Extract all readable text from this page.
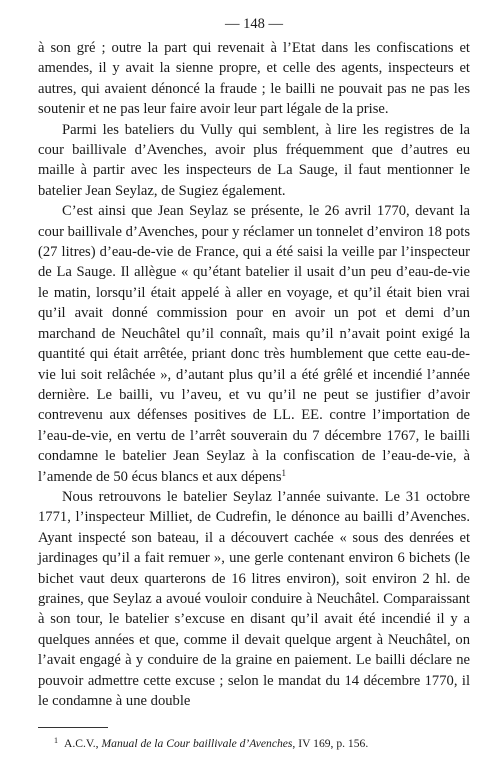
— 148 —

à son gré ; outre la part qui revenait à l’Etat dans les confiscations et amendes, il y avait la sienne propre, et celle des agents, inspecteurs et autres, qui avaient dénoncé la fraude ; le bailli ne pouvait pas ne pas les soutenir et ne pas leur faire avoir leur part légale de la prise.

Parmi les bateliers du Vully qui semblent, à lire les registres de la cour baillivale d’Avenches, avoir plus fréquemment que d’autres eu maille à partir avec les inspecteurs de La Sauge, il faut mentionner le batelier Jean Seylaz, de Sugiez également.

C’est ainsi que Jean Seylaz se présente, le 26 avril 1770, devant la cour baillivale d’Avenches, pour y réclamer un tonnelet d’environ 18 pots (27 litres) d’eau-de-vie de France, qui a été saisi la veille par l’inspecteur de La Sauge. Il allègue « qu’étant batelier il usait d’un peu d’eau-de-vie le matin, lorsqu’il était appelé à aller en voyage, et qu’il était bien vrai qu’il avait donné commission pour en avoir un pot et demi d’un marchand de Neuchâtel qu’il connaît, mais qu’il n’avait point exigé la quantité qui était arrêtée, priant donc très humblement que cette eau-de-vie lui soit relâchée », d’autant plus qu’il a été grêlé et incendié l’année dernière. Le bailli, vu l’aveu, et vu qu’il ne peut se justifier d’avoir contrevenu aux défenses positives de LL. EE. contre l’importation de l’eau-de-vie, en vertu de l’arrêt souverain du 7 décembre 1767, le bailli condamne le batelier Jean Seylaz à la confiscation de l’eau-de-vie, à l’amende de 50 écus blancs et aux dépens$^1$

Nous retrouvons le batelier Seylaz l’année suivante. Le 31 octobre 1771, l’inspecteur Milliet, de Cudrefin, le dénonce au bailli d’Avenches. Ayant inspecté son bateau, il a découvert cachée « sous des denrées et jardinages qu’il a fait remuer », une gerle contenant environ 6 bichets (le bichet vaut deux quarterons de 16 litres environ), soit environ 2 hl. de graines, que Seylaz a avoué vouloir conduire à Neuchâtel. Comparaissant à son tour, le batelier s’excuse en disant qu’il avait été incendié il y a quelques années et que, comme il devait quelque argent à Neuchâtel, on l’avait engagé à y conduire de la graine en paiement. Le bailli déclare ne pouvoir admettre cette excuse ; selon le mandat du 14 décembre 1770, il le condamne à une double

$^1$ A.C.V., Manual de la Cour baillivale d’Avenches, IV 169, p. 156.
